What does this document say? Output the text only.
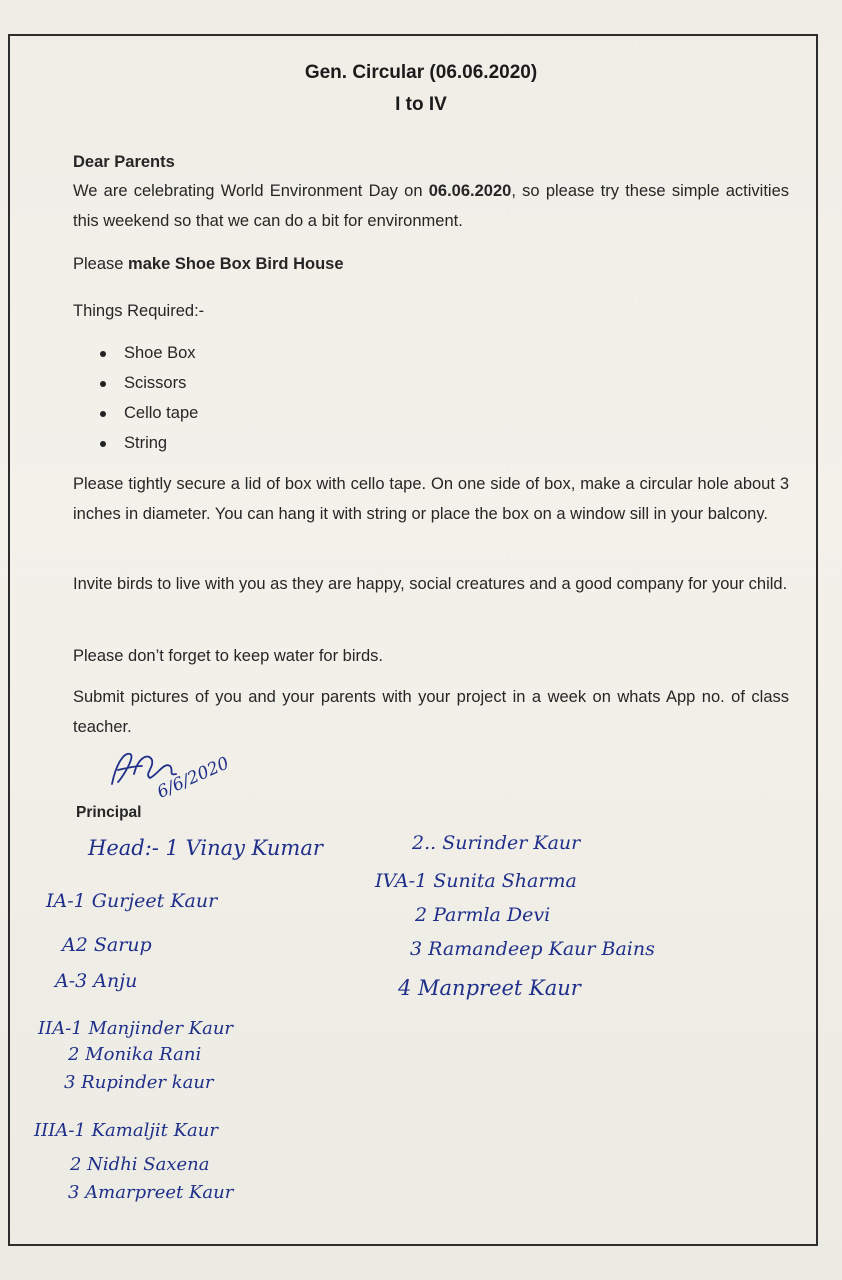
Gen. Circular (06.06.2020)
I to IV
Dear Parents
We are celebrating World Environment Day on 06.06.2020, so please try these simple activities this weekend so that we can do a bit for environment.
Please make Shoe Box Bird House
Things Required:-
Shoe Box
Scissors
Cello tape
String
Please tightly secure a lid of box with cello tape. On one side of box, make a circular hole about 3 inches in diameter. You can hang it with string or place the box on a window sill in your balcony.
Invite birds to live with you as they are happy, social creatures and a good company for your child.
Please don’t forget to keep water for birds.
Submit pictures of you and your parents with your project in a week on whats App no. of class teacher.
6/6/2020
Principal
Head:- 1 Vinay Kumar	2.. Surinder Kaur
IA-1 Gurjeet Kaur
A2 Sarup
A-3 Anju
IVA-1 Sunita Sharma
2 Parmla Devi
3 Ramandeep Kaur Bains
4 Manpreet Kaur
IIA-1 Manjinder Kaur
2 Monika Rani
3 Rupinder kaur
IIIA-1 Kamaljit Kaur
2 Nidhi Saxena
3 Amarpreet Kaur
